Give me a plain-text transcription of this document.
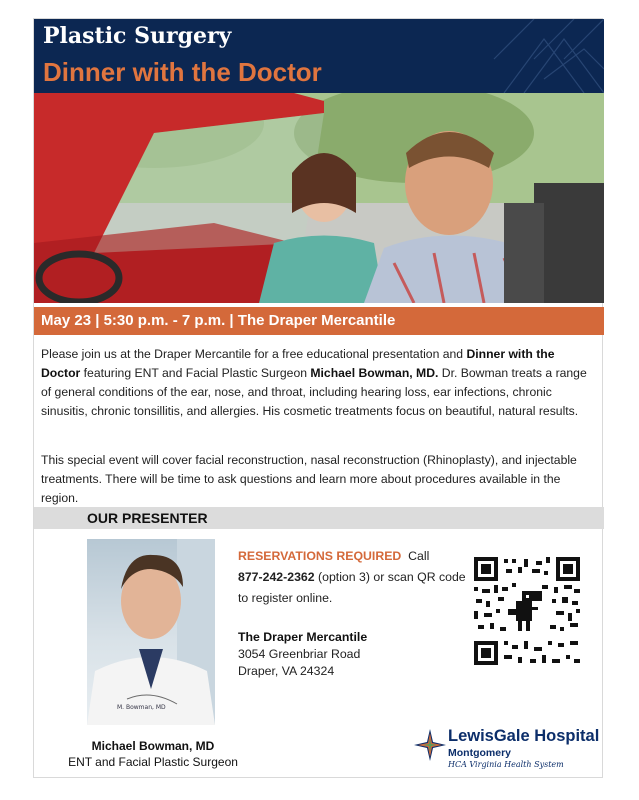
Plastic Surgery
Dinner with the Doctor
May 23 | 5:30 p.m. - 7 p.m. | The Draper Mercantile
Please join us at the Draper Mercantile for a free educational presentation and Dinner with the Doctor featuring ENT and Facial Plastic Surgeon Michael Bowman, MD. Dr. Bowman treats a range of general conditions of the ear, nose, and throat, including hearing loss, ear infections, chronic sinusitis, chronic tonsillitis, and allergies. His cosmetic treatments focus on beautiful, natural results.
This special event will cover facial reconstruction, nasal reconstruction (Rhinoplasty), and injectable treatments. There will be time to ask questions and learn more about procedures available in the region.
OUR PRESENTER
M. Bowman, MD
Michael Bowman, MD
ENT and Facial Plastic Surgeon
RESERVATIONS REQUIRED Call
877-242-2362 (option 3) or scan QR code to register online.
The Draper Mercantile
3054 Greenbriar Road
Draper, VA 24324
LewisGale Hospital
Montgomery
HCA Virginia Health System
